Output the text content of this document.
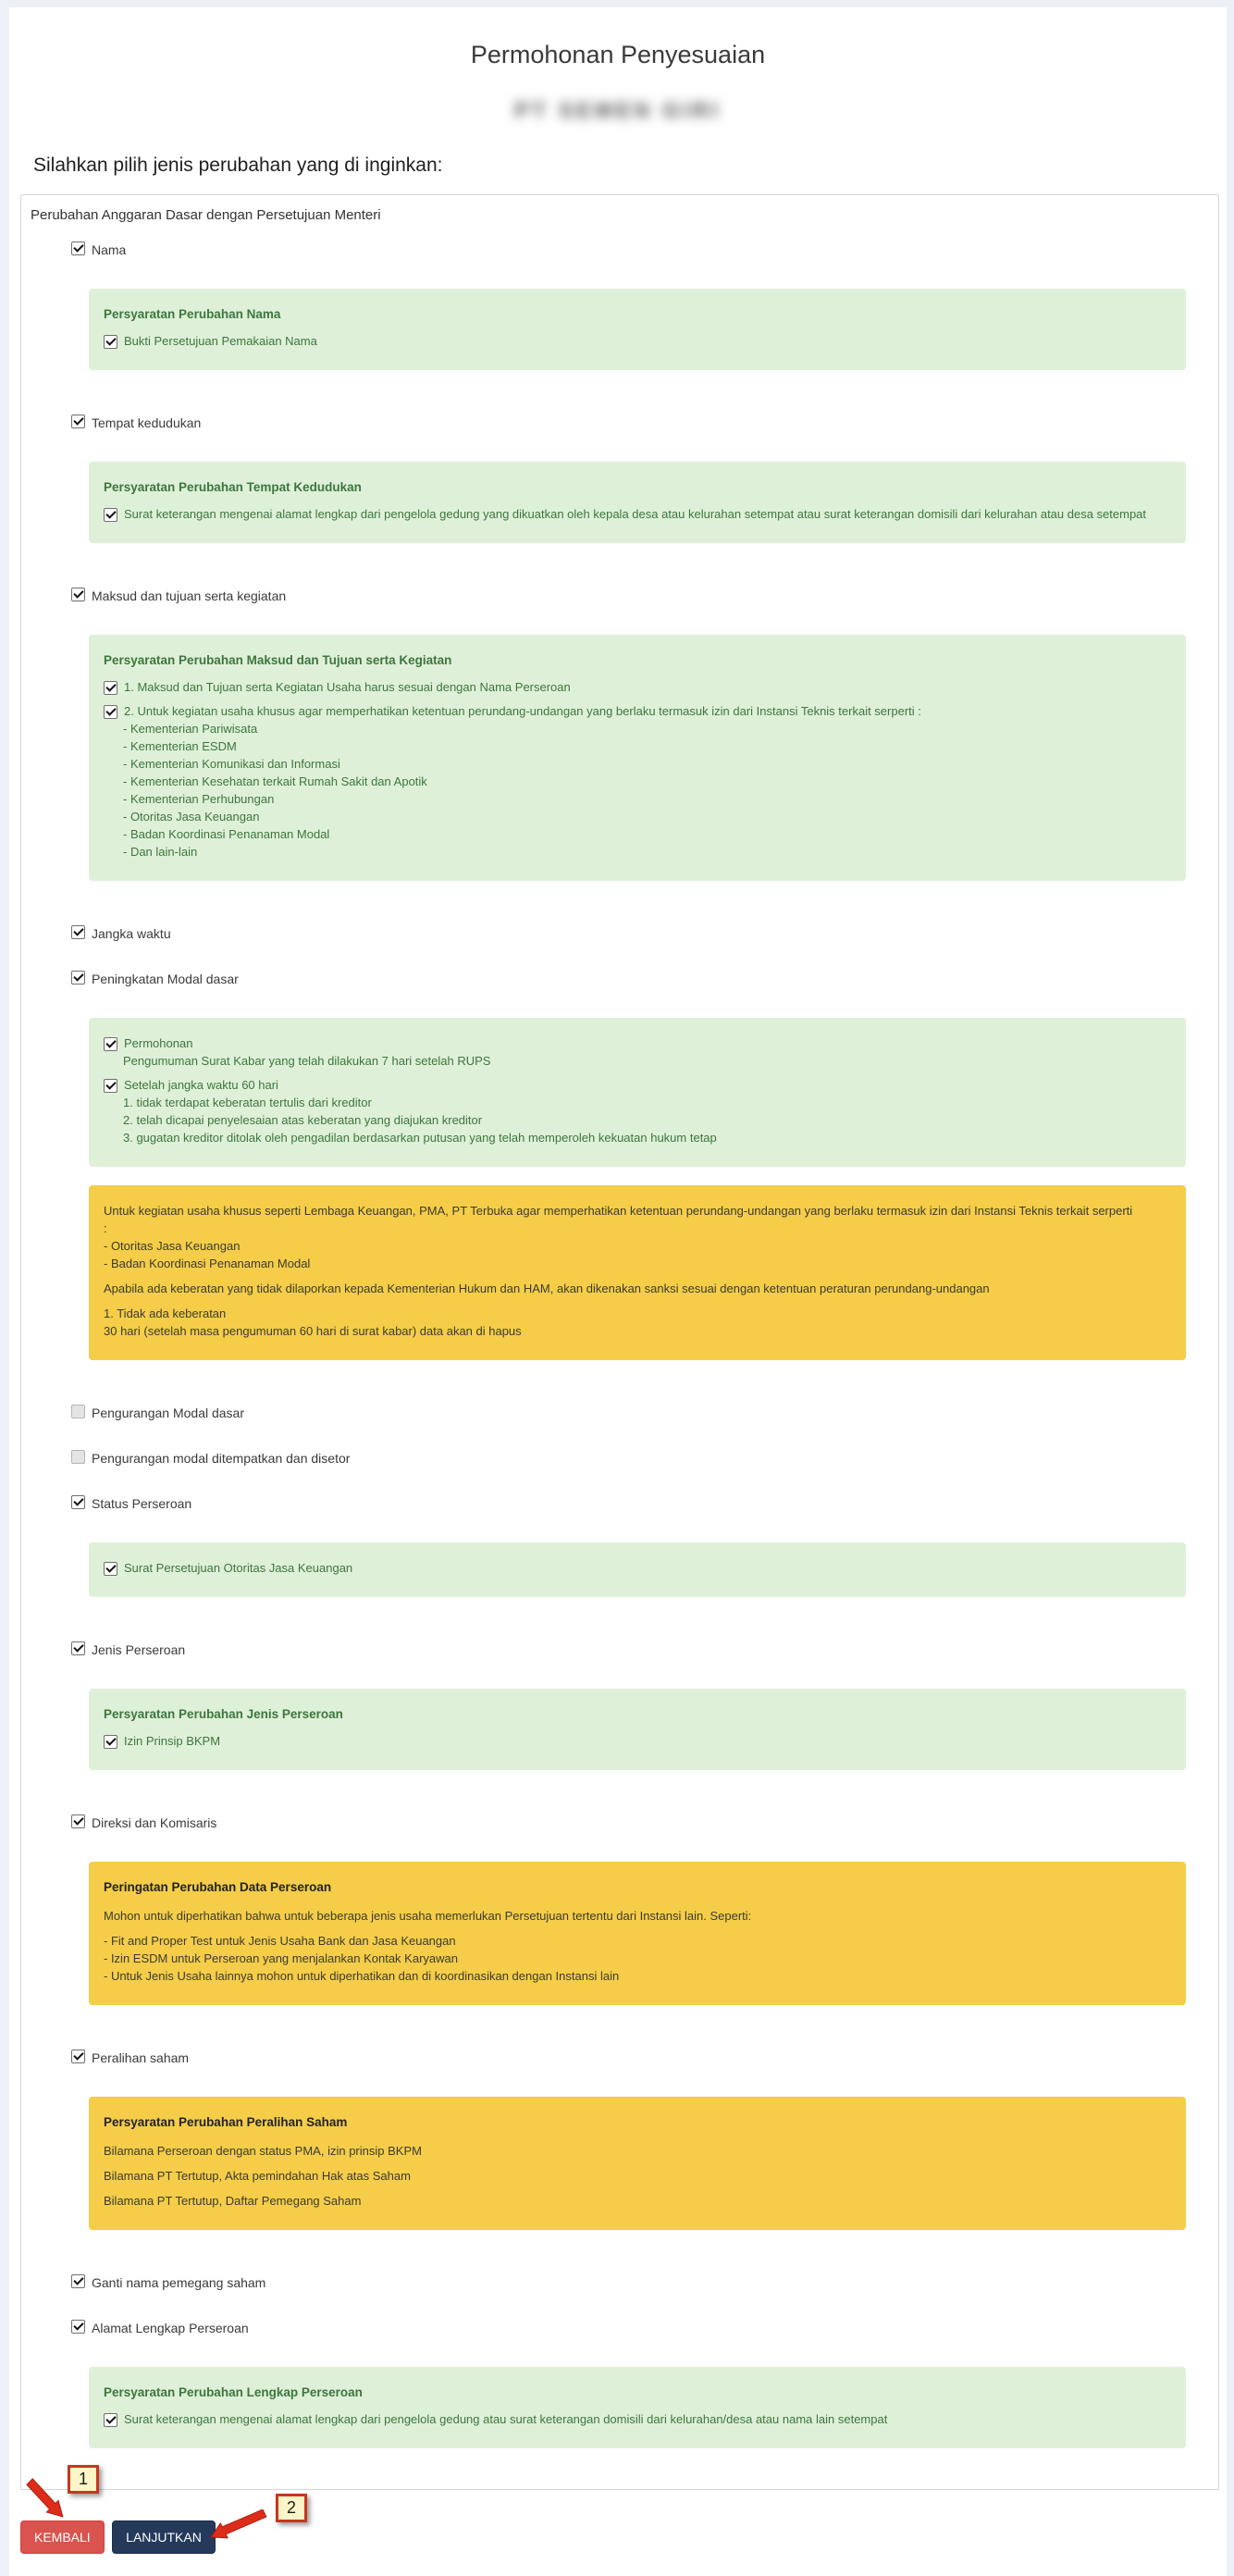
Permohonan Penyesuaian
PT SEMEN GIRI
Silahkan pilih jenis perubahan yang di inginkan:
Perubahan Anggaran Dasar dengan Persetujuan Menteri
Nama
Persyaratan Perubahan Nama
Bukti Persetujuan Pemakaian Nama
Tempat kedudukan
Persyaratan Perubahan Tempat Kedudukan
Surat keterangan mengenai alamat lengkap dari pengelola gedung yang dikuatkan oleh kepala desa atau kelurahan setempat atau surat keterangan domisili dari kelurahan atau desa setempat
Maksud dan tujuan serta kegiatan
Persyaratan Perubahan Maksud dan Tujuan serta Kegiatan
1. Maksud dan Tujuan serta Kegiatan Usaha harus sesuai dengan Nama Perseroan
2. Untuk kegiatan usaha khusus agar memperhatikan ketentuan perundang-undangan yang berlaku termasuk izin dari Instansi Teknis terkait serperti :
- Kementerian Pariwisata
- Kementerian ESDM
- Kementerian Komunikasi dan Informasi
- Kementerian Kesehatan terkait Rumah Sakit dan Apotik
- Kementerian Perhubungan
- Otoritas Jasa Keuangan
- Badan Koordinasi Penanaman Modal
- Dan lain-lain
Jangka waktu
Peningkatan Modal dasar
Permohonan
Pengumuman Surat Kabar yang telah dilakukan 7 hari setelah RUPS
Setelah jangka waktu 60 hari
1. tidak terdapat keberatan tertulis dari kreditor
2. telah dicapai penyelesaian atas keberatan yang diajukan kreditor
3. gugatan kreditor ditolak oleh pengadilan berdasarkan putusan yang telah memperoleh kekuatan hukum tetap
Untuk kegiatan usaha khusus seperti Lembaga Keuangan, PMA, PT Terbuka agar memperhatikan ketentuan perundang-undangan yang berlaku termasuk izin dari Instansi Teknis terkait serperti
:
- Otoritas Jasa Keuangan
- Badan Koordinasi Penanaman Modal

Apabila ada keberatan yang tidak dilaporkan kepada Kementerian Hukum dan HAM, akan dikenakan sanksi sesuai dengan ketentuan peraturan perundang-undangan

1. Tidak ada keberatan
30 hari (setelah masa pengumuman 60 hari di surat kabar) data akan di hapus
Pengurangan Modal dasar
Pengurangan modal ditempatkan dan disetor
Status Perseroan
Surat Persetujuan Otoritas Jasa Keuangan
Jenis Perseroan
Persyaratan Perubahan Jenis Perseroan
Izin Prinsip BKPM
Direksi dan Komisaris
Peringatan Perubahan Data Perseroan

Mohon untuk diperhatikan bahwa untuk beberapa jenis usaha memerlukan Persetujuan tertentu dari Instansi lain. Seperti:

- Fit and Proper Test untuk Jenis Usaha Bank dan Jasa Keuangan
- Izin ESDM untuk Perseroan yang menjalankan Kontak Karyawan
- Untuk Jenis Usaha lainnya mohon untuk diperhatikan dan di koordinasikan dengan Instansi lain
Peralihan saham
Persyaratan Perubahan Peralihan Saham

Bilamana Perseroan dengan status PMA, izin prinsip BKPM

Bilamana PT Tertutup, Akta pemindahan Hak atas Saham

Bilamana PT Tertutup, Daftar Pemegang Saham

Ganti nama pemegang saham
Alamat Lengkap Perseroan
Persyaratan Perubahan Lengkap Perseroan
Surat keterangan mengenai alamat lengkap dari pengelola gedung atau surat keterangan domisili dari kelurahan/desa atau nama lain setempat
KEMBALI	LANJUTKAN
1
2
